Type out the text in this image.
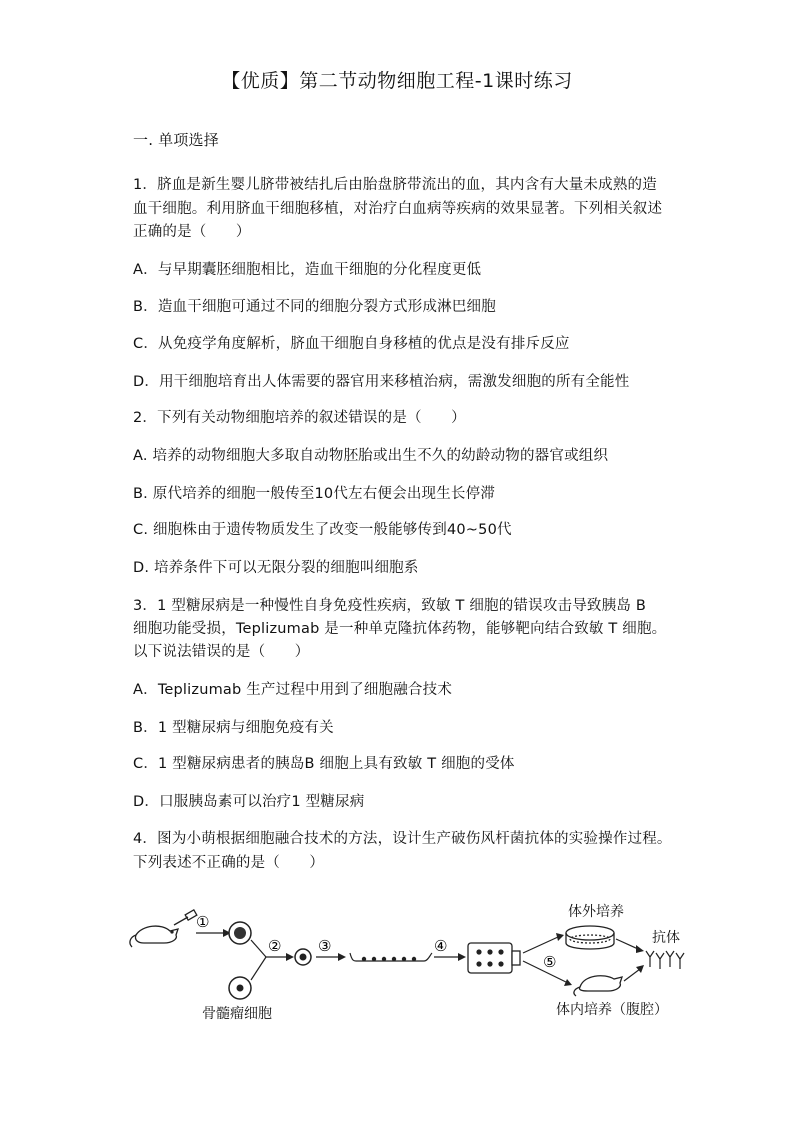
【优质】第二节动物细胞工程-1课时练习
一. 单项选择
1．脐血是新生婴儿脐带被结扎后由胎盘脐带流出的血，其内含有大量未成熟的造
血干细胞。利用脐血干细胞移植，对治疗白血病等疾病的效果显著。下列相关叙述
正确的是（　　）
A．与早期囊胚细胞相比，造血干细胞的分化程度更低
B．造血干细胞可通过不同的细胞分裂方式形成淋巴细胞
C．从免疫学角度解析，脐血干细胞自身移植的优点是没有排斥反应
D．用干细胞培育出人体需要的器官用来移植治病，需激发细胞的所有全能性
2．下列有关动物细胞培养的叙述错误的是（　　）
A. 培养的动物细胞大多取自动物胚胎或出生不久的幼龄动物的器官或组织
B. 原代培养的细胞一般传至10代左右便会出现生长停滞
C. 细胞株由于遗传物质发生了改变一般能够传到40~50代
D. 培养条件下可以无限分裂的细胞叫细胞系
3．1 型糖尿病是一种慢性自身免疫性疾病，致敏 T 细胞的错误攻击导致胰岛 B
细胞功能受损，Teplizumab 是一种单克隆抗体药物，能够靶向结合致敏 T 细胞。
以下说法错误的是（　　）
A．Teplizumab 生产过程中用到了细胞融合技术
B．1 型糖尿病与细胞免疫有关
C．1 型糖尿病患者的胰岛B 细胞上具有致敏 T 细胞的受体
D．口服胰岛素可以治疗1 型糖尿病
4．图为小萌根据细胞融合技术的方法，设计生产破伤风杆菌抗体的实验操作过程。
下列表述不正确的是（　　）
①
② ③	④
⑤
骨髓瘤细胞
体外培养
体内培养（腹腔）
抗体
